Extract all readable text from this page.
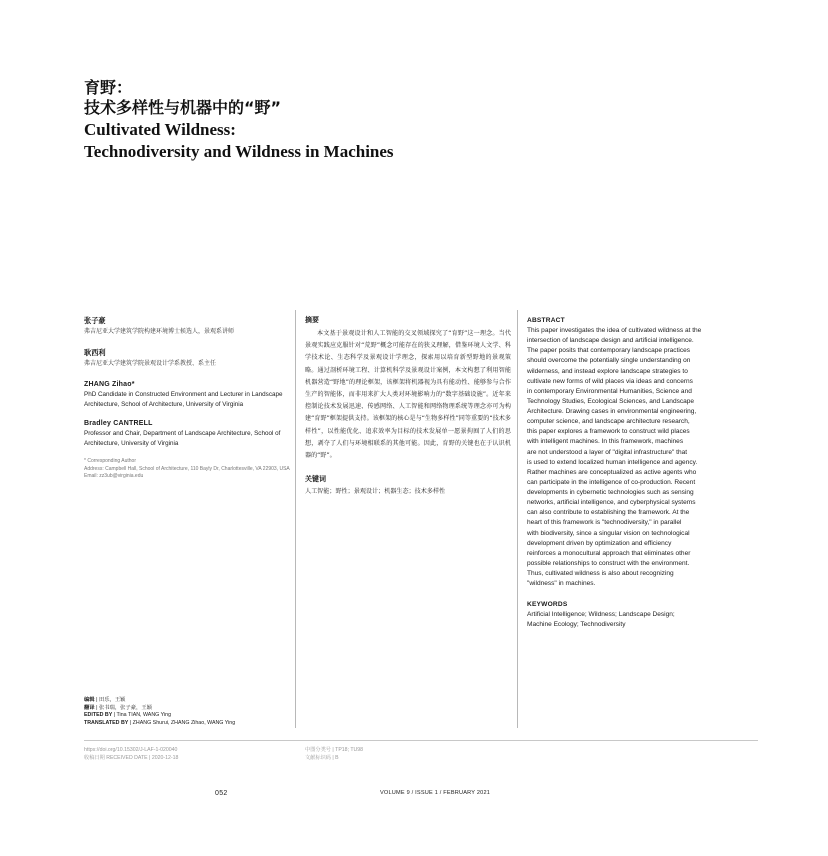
育野：

技术多样性与机器中的“野”

Cultivated Wildness:

Technodiversity and Wildness in Machines

张子豪

弗吉尼亚大学建筑学院构建环境博士候选人，景观系讲师

耿西利

弗吉尼亚大学建筑学院景观设计学系教授、系主任

ZHANG Zihao*

PhD Candidate in Constructed Environment and Lecturer in Landscape Architecture, School of Architecture, University of Virginia

Bradley CANTRELL

Professor and Chair, Department of Landscape Architecture, School of Architecture, University of Virginia

* Corresponding Author

Address: Campbell Hall, School of Architecture, 110 Bayly Dr, Charlottesville, VA 22903, USA

Email: zz3ub@virginia.edu

摘要

本文基于景观设计和人工智能的交叉领域探究了“育野”这一理念。当代景观实践应克服针对“荒野”概念可能存在的狭义理解，借鉴环境人文学、科学技术论、生态科学及景观设计学理念，探索用以培育新型野地的景观策略。通过剖析环境工程、计算机科学及景观设计案例，本文构想了利用智能机器营造“野地”的理论框架，该框架将机器视为具有能动性、能够参与合作生产的智能体，而非用来扩大人类对环境影响力的“数字基础设施”。近年来控制论技术发展迅速、传感网络、人工智能和网络物理系统等理念亦可为构建“育野”框架提供支持。该框架的核心是与“生物多样性”同等重要的“技术多样性”，以性能优化、追求效率为目标的技术发展单一愿景拘囿了人们的思想，剥夺了人们与环境相联系的其他可能。因此，育野的关键也在于认识机器的“野”。

关键词

人工智能；野性；景观设计；机器生态；技术多样性

ABSTRACT

This paper investigates the idea of cultivated wildness at the
intersection of landscape design and artificial intelligence.
The paper posits that contemporary landscape practices
should overcome the potentially single understanding on
wilderness, and instead explore landscape strategies to
cultivate new forms of wild places via ideas and concerns
in contemporary Environmental Humanities, Science and
Technology Studies, Ecological Sciences, and Landscape
Architecture. Drawing cases in environmental engineering,
computer science, and landscape architecture research,
this paper explores a framework to construct wild places
with intelligent machines. In this framework, machines
are not understood a layer of "digital infrastructure" that
is used to extend localized human intelligence and agency.
Rather machines are conceptualized as active agents who
can participate in the intelligence of co-production. Recent
developments in cybernetic technologies such as sensing
networks, artificial intelligence, and cyberphysical systems
can also contribute to establishing the framework. At the
heart of this framework is "technodiversity," in parallel
with biodiversity, since a singular vision on technological
development driven by optimization and efficiency
reinforces a monocultural approach that eliminates other
possible relationships to construct with the environment.
Thus, cultivated wildness is also about recognizing
"wildness" in machines.

KEYWORDS

Artificial Intelligence; Wildness; Landscape Design;
Machine Ecology; Technodiversity

编辑 | 田乐，王颖

翻译 | 张书瑞，张子豪，王颖

EDITED BY | Tina TIAN, WANG Ying

TRANSLATED BY | ZHANG Shurui, ZHANG Zihao, WANG Ying

https://doi.org/10.15302/J-LAF-1-020040

收稿日期 RECEIVED DATE | 2020-12-18

中图分类号 | TP18; TU98

文献标识码 | B

052	VOLUME 9 / ISSUE 1 / FEBRUARY 2021
